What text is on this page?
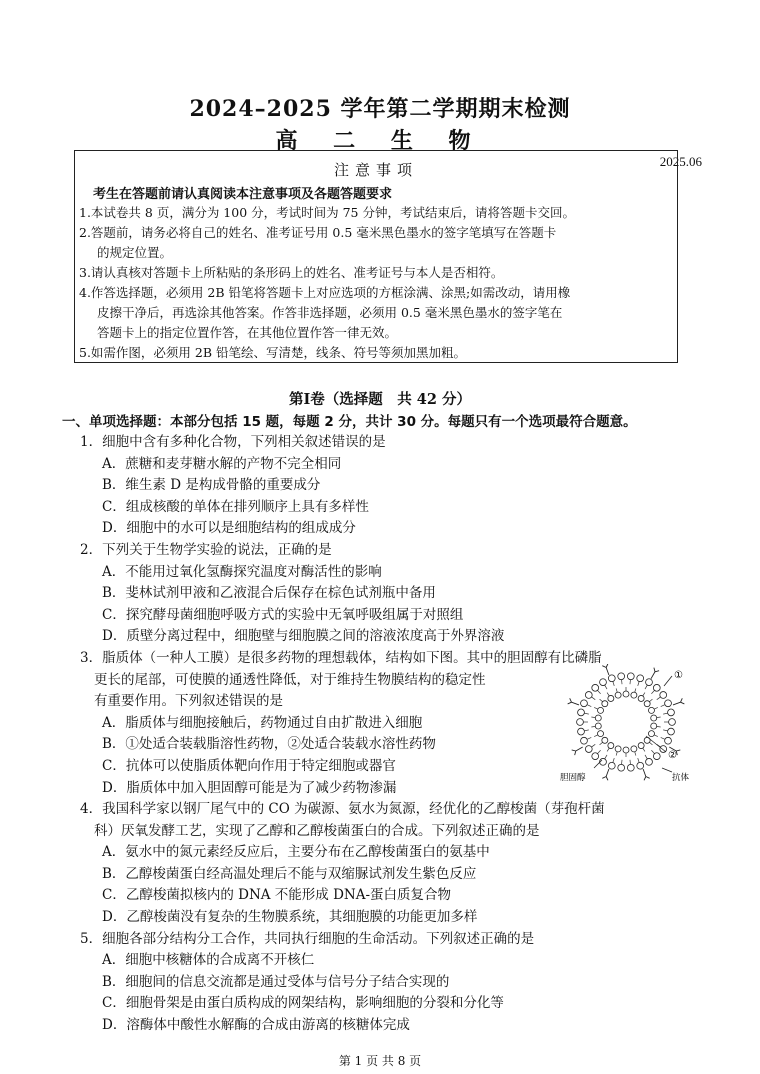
2024–2025 学年第二学期期末检测
高 二 生 物
2025.06
注意事项
考生在答题前请认真阅读本注意事项及各题答题要求
1.本试卷共 8 页，满分为 100 分，考试时间为 75 分钟，考试结束后，请将答题卡交回。
2.答题前，请务必将自己的姓名、准考证号用 0.5 毫米黑色墨水的签字笔填写在答题卡
的规定位置。
3.请认真核对答题卡上所粘贴的条形码上的姓名、准考证号与本人是否相符。
4.作答选择题，必须用 2B 铅笔将答题卡上对应选项的方框涂满、涂黑;如需改动，请用橡
皮擦干净后，再选涂其他答案。作答非选择题，必须用 0.5 毫米黑色墨水的签字笔在
答题卡上的指定位置作答，在其他位置作答一律无效。
5.如需作图，必须用 2B 铅笔绘、写清楚，线条、符号等须加黑加粗。
第Ⅰ卷（选择题　共 42 分）
一、单项选择题：本部分包括 15 题，每题 2 分，共计 30 分。每题只有一个选项最符合题意。
1．细胞中含有多种化合物，下列相关叙述错误的是
A．蔗糖和麦芽糖水解的产物不完全相同
B．维生素 D 是构成骨骼的重要成分
C．组成核酸的单体在排列顺序上具有多样性
D．细胞中的水可以是细胞结构的组成成分
2．下列关于生物学实验的说法，正确的是
A．不能用过氧化氢酶探究温度对酶活性的影响
B．斐林试剂甲液和乙液混合后保存在棕色试剂瓶中备用
C．探究酵母菌细胞呼吸方式的实验中无氧呼吸组属于对照组
D．质壁分离过程中，细胞壁与细胞膜之间的溶液浓度高于外界溶液
3．脂质体（一种人工膜）是很多药物的理想载体，结构如下图。其中的胆固醇有比磷脂
更长的尾部，可使膜的通透性降低，对于维持生物膜结构的稳定性
有重要作用。下列叙述错误的是
A．脂质体与细胞接触后，药物通过自由扩散进入细胞
B．①处适合装载脂溶性药物，②处适合装载水溶性药物
C．抗体可以使脂质体靶向作用于特定细胞或器官
D．脂质体中加入胆固醇可能是为了减少药物渗漏
4．我国科学家以钢厂尾气中的 CO 为碳源、氨水为氮源，经优化的乙醇梭菌（芽孢杆菌
科）厌氧发酵工艺，实现了乙醇和乙醇梭菌蛋白的合成。下列叙述正确的是
A．氨水中的氮元素经反应后，主要分布在乙醇梭菌蛋白的氨基中
B．乙醇梭菌蛋白经高温处理后不能与双缩脲试剂发生紫色反应
C．乙醇梭菌拟核内的 DNA 不能形成 DNA-蛋白质复合物
D．乙醇梭菌没有复杂的生物膜系统，其细胞膜的功能更加多样
5．细胞各部分结构分工合作，共同执行细胞的生命活动。下列叙述正确的是
A．细胞中核糖体的合成离不开核仁
B．细胞间的信息交流都是通过受体与信号分子结合实现的
C．细胞骨架是由蛋白质构成的网架结构，影响细胞的分裂和分化等
D．溶酶体中酸性水解酶的合成由游离的核糖体完成
①
②
胆固醇	抗体
第 1 页 共 8 页
